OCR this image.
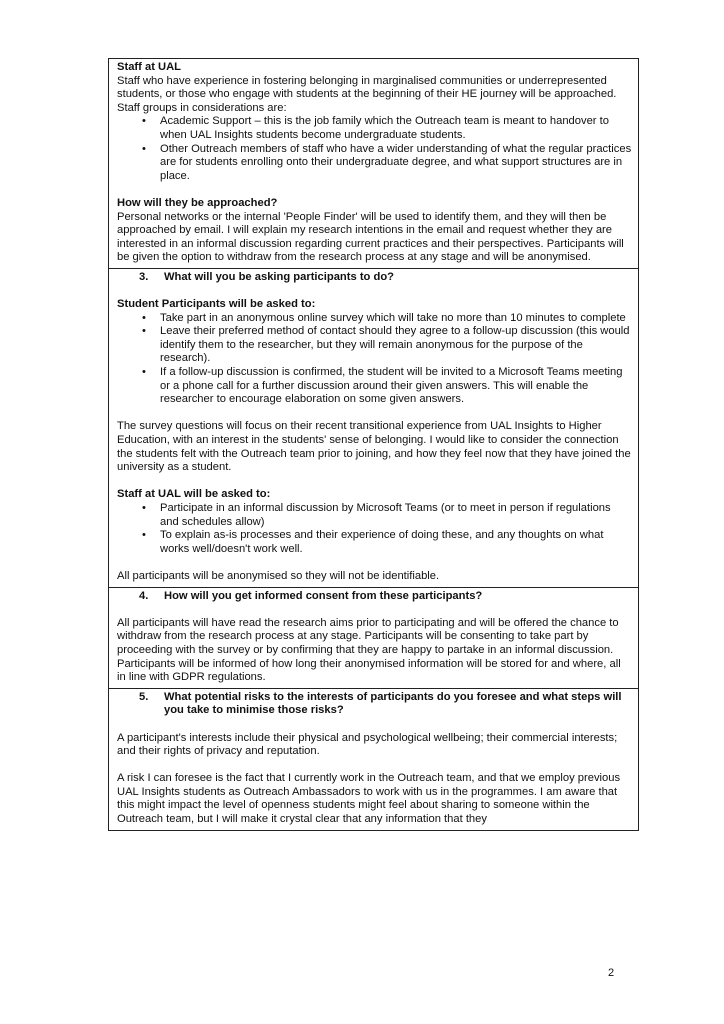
Staff at UAL

Staff who have experience in fostering belonging in marginalised communities or underrepresented students, or those who engage with students at the beginning of their HE journey will be approached. Staff groups in considerations are:

• Academic Support – this is the job family which the Outreach team is meant to handover to when UAL Insights students become undergraduate students.
• Other Outreach members of staff who have a wider understanding of what the regular practices are for students enrolling onto their undergraduate degree, and what support structures are in place.

How will they be approached?

Personal networks or the internal 'People Finder' will be used to identify them, and they will then be approached by email. I will explain my research intentions in the email and request whether they are interested in an informal discussion regarding current practices and their perspectives. Participants will be given the option to withdraw from the research process at any stage and will be anonymised.

3.	What will you be asking participants to do?

Student Participants will be asked to:

• Take part in an anonymous online survey which will take no more than 10 minutes to complete
• Leave their preferred method of contact should they agree to a follow-up discussion (this would identify them to the researcher, but they will remain anonymous for the purpose of the research).
• If a follow-up discussion is confirmed, the student will be invited to a Microsoft Teams meeting or a phone call for a further discussion around their given answers. This will enable the researcher to encourage elaboration on some given answers.

The survey questions will focus on their recent transitional experience from UAL Insights to Higher Education, with an interest in the students' sense of belonging. I would like to consider the connection the students felt with the Outreach team prior to joining, and how they feel now that they have joined the university as a student.

Staff at UAL will be asked to:

• Participate in an informal discussion by Microsoft Teams (or to meet in person if regulations and schedules allow)
• To explain as-is processes and their experience of doing these, and any thoughts on what works well/doesn't work well.

All participants will be anonymised so they will not be identifiable.

4.	How will you get informed consent from these participants?

All participants will have read the research aims prior to participating and will be offered the chance to withdraw from the research process at any stage. Participants will be consenting to take part by proceeding with the survey or by confirming that they are happy to partake in an informal discussion. Participants will be informed of how long their anonymised information will be stored for and where, all in line with GDPR regulations.

5.	What potential risks to the interests of participants do you foresee and what steps will you take to minimise those risks?

A participant's interests include their physical and psychological wellbeing; their commercial interests; and their rights of privacy and reputation.

A risk I can foresee is the fact that I currently work in the Outreach team, and that we employ previous UAL Insights students as Outreach Ambassadors to work with us in the programmes. I am aware that this might impact the level of openness students might feel about sharing to someone within the Outreach team, but I will make it crystal clear that any information that they

2
